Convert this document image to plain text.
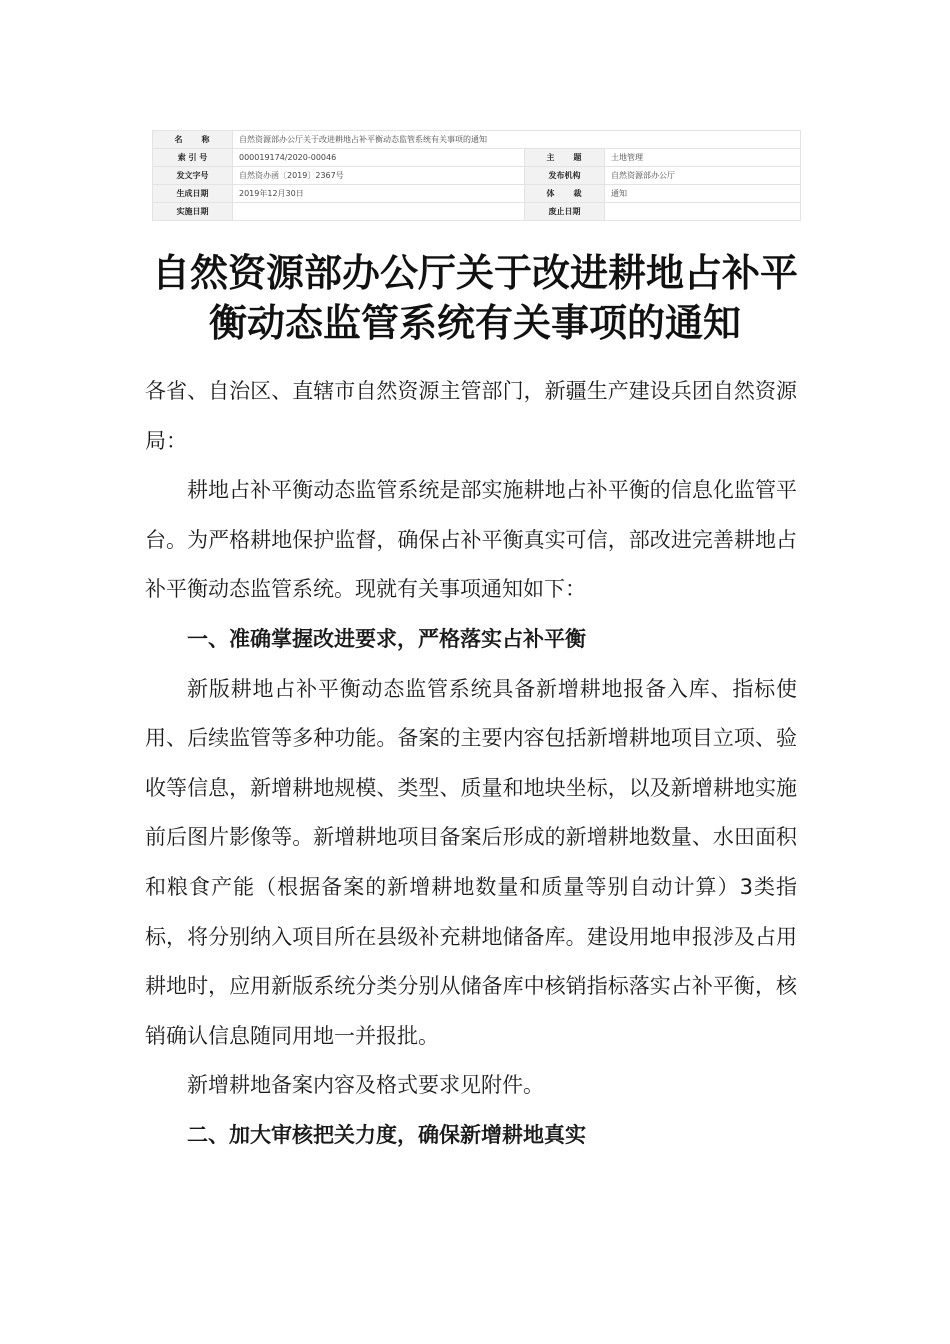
名　　称	自然资源部办公厅关于改进耕地占补平衡动态监管系统有关事项的通知		
索 引 号	000019174/2020-00046	主　　题	土地管理
发文字号	自然资办函〔2019〕2367号	发布机构	自然资源部办公厅
生成日期	2019年12月30日	体　　裁	通知
实施日期		废止日期	
自然资源部办公厅关于改进耕地占补平
衡动态监管系统有关事项的通知

各省、自治区、直辖市自然资源主管部门，新疆生产建设兵团自然资源局：

耕地占补平衡动态监管系统是部实施耕地占补平衡的信息化监管平台。为严格耕地保护监督，确保占补平衡真实可信，部改进完善耕地占补平衡动态监管系统。现就有关事项通知如下：

一、准确掌握改进要求，严格落实占补平衡

新版耕地占补平衡动态监管系统具备新增耕地报备入库、指标使用、后续监管等多种功能。备案的主要内容包括新增耕地项目立项、验收等信息，新增耕地规模、类型、质量和地块坐标，以及新增耕地实施前后图片影像等。新增耕地项目备案后形成的新增耕地数量、水田面积和粮食产能（根据备案的新增耕地数量和质量等别自动计算）3类指标，将分别纳入项目所在县级补充耕地储备库。建设用地申报涉及占用耕地时，应用新版系统分类分别从储备库中核销指标落实占补平衡，核销确认信息随同用地一并报批。

新增耕地备案内容及格式要求见附件。

二、加大审核把关力度，确保新增耕地真实
